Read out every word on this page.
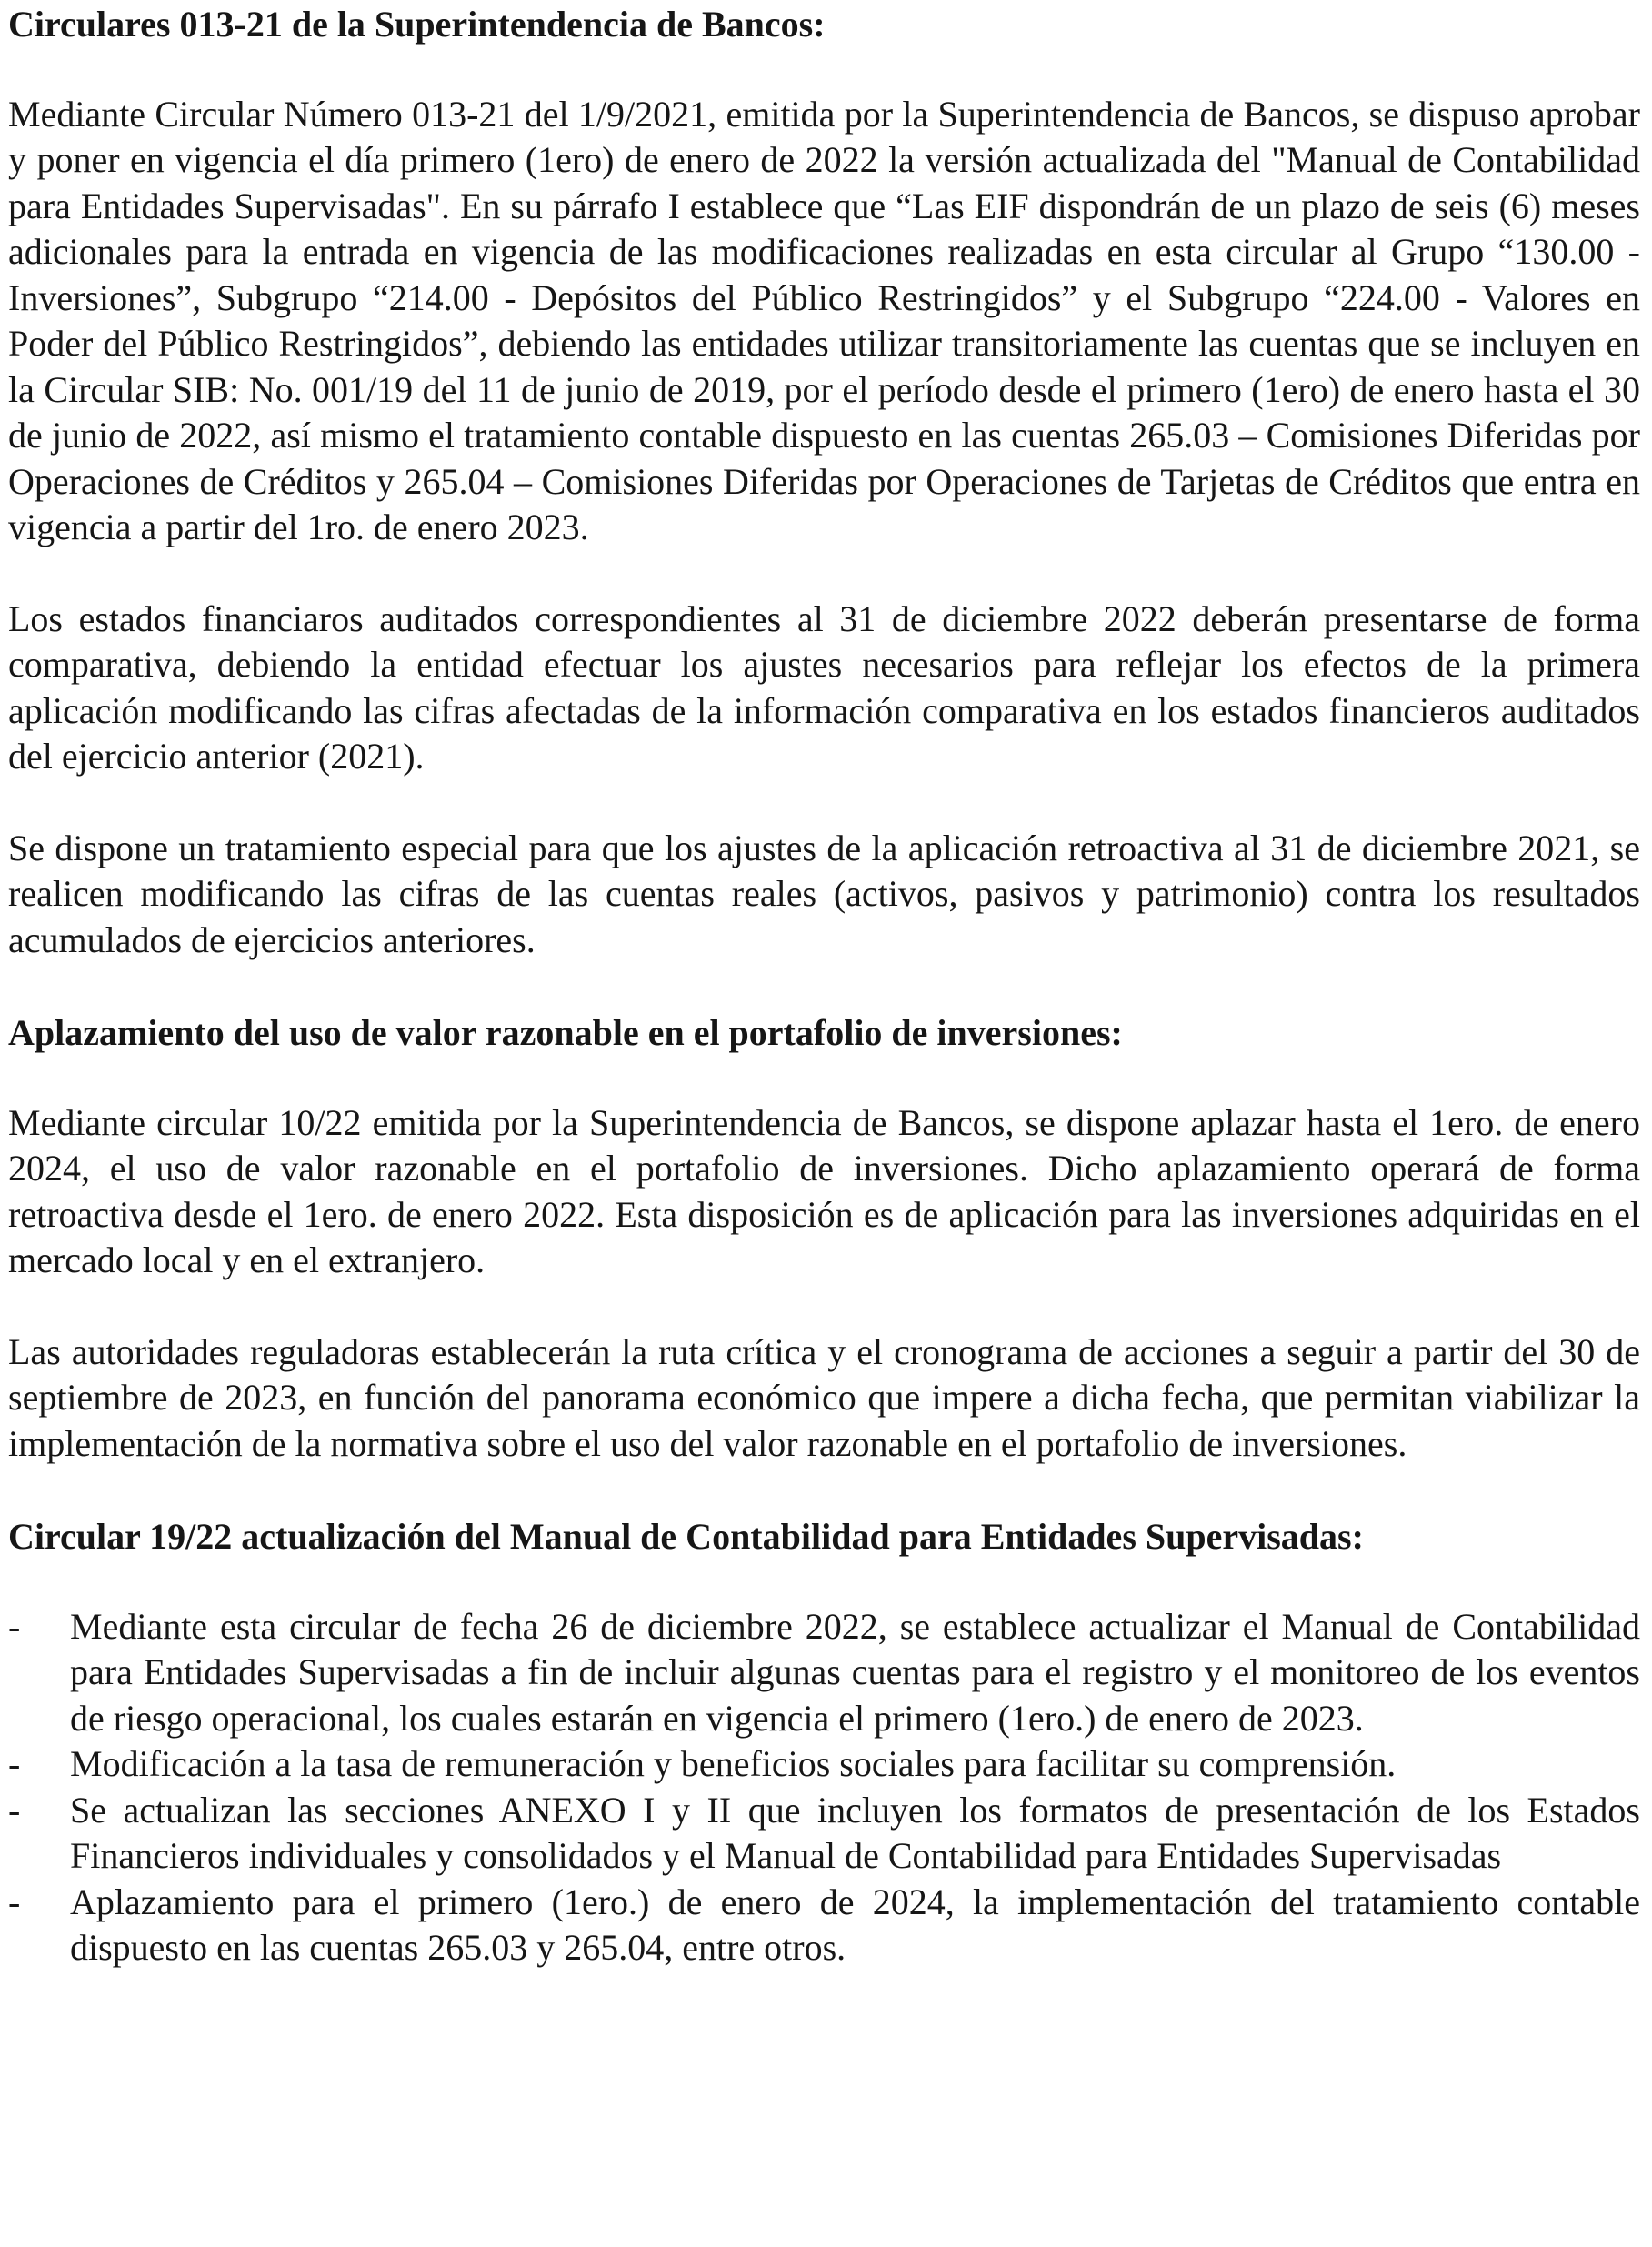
Circulares 013-21 de la Superintendencia de Bancos:

Mediante Circular Número 013-21 del 1/9/2021, emitida por la Superintendencia de Bancos, se dispuso aprobar y poner en vigencia el día primero (1ero) de enero de 2022 la versión actualizada del "Manual de Contabilidad para Entidades Supervisadas". En su párrafo I establece que “Las EIF dispondrán de un plazo de seis (6) meses adicionales para la entrada en vigencia de las modificaciones realizadas en esta circular al Grupo “130.00 - Inversiones”, Subgrupo “214.00 - Depósitos del Público Restringidos” y el Subgrupo “224.00 - Valores en Poder del Público Restringidos”, debiendo las entidades utilizar transitoriamente las cuentas que se incluyen en la Circular SIB: No. 001/19 del 11 de junio de 2019, por el período desde el primero (1ero) de enero hasta el 30 de junio de 2022, así mismo el tratamiento contable dispuesto en las cuentas 265.03 – Comisiones Diferidas por Operaciones de Créditos y 265.04 – Comisiones Diferidas por Operaciones de Tarjetas de Créditos que entra en vigencia a partir del 1ro. de enero 2023.

Los estados financiaros auditados correspondientes al 31 de diciembre 2022 deberán presentarse de forma comparativa, debiendo la entidad efectuar los ajustes necesarios para reflejar los efectos de la primera aplicación modificando las cifras afectadas de la información comparativa en los estados financieros auditados del ejercicio anterior (2021).

Se dispone un tratamiento especial para que los ajustes de la aplicación retroactiva al 31 de diciembre 2021, se realicen modificando las cifras de las cuentas reales (activos, pasivos y patrimonio) contra los resultados acumulados de ejercicios anteriores.

Aplazamiento del uso de valor razonable en el portafolio de inversiones:

Mediante circular 10/22 emitida por la Superintendencia de Bancos, se dispone aplazar hasta el 1ero. de enero 2024, el uso de valor razonable en el portafolio de inversiones. Dicho aplazamiento operará de forma retroactiva desde el 1ero. de enero 2022. Esta disposición es de aplicación para las inversiones adquiridas en el mercado local y en el extranjero.

Las autoridades reguladoras establecerán la ruta crítica y el cronograma de acciones a seguir a partir del 30 de septiembre de 2023, en función del panorama económico que impere a dicha fecha, que permitan viabilizar la implementación de la normativa sobre el uso del valor razonable en el portafolio de inversiones.

Circular 19/22 actualización del Manual de Contabilidad para Entidades Supervisadas:
- Mediante esta circular de fecha 26 de diciembre 2022, se establece actualizar el Manual de Contabilidad para Entidades Supervisadas a fin de incluir algunas cuentas para el registro y el monitoreo de los eventos de riesgo operacional, los cuales estarán en vigencia el primero (1ero.) de enero de 2023.
- Modificación a la tasa de remuneración y beneficios sociales para facilitar su comprensión.
- Se actualizan las secciones ANEXO I y II que incluyen los formatos de presentación de los Estados Financieros individuales y consolidados y el Manual de Contabilidad para Entidades Supervisadas
- Aplazamiento para el primero (1ero.) de enero de 2024, la implementación del tratamiento contable dispuesto en las cuentas 265.03 y 265.04, entre otros.
